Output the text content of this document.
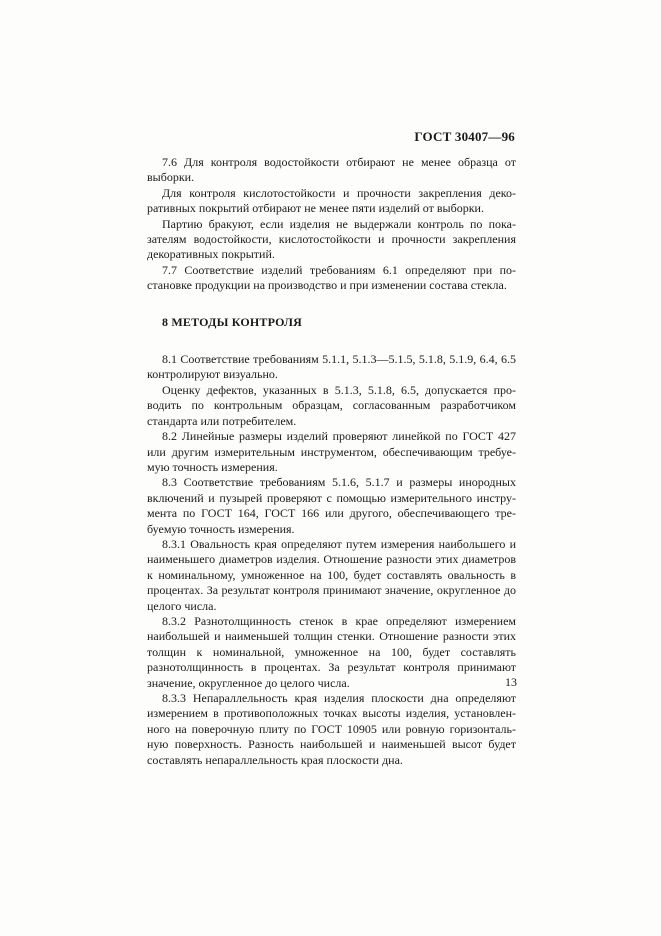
ГОСТ 30407—96

7.6 Для контроля водостойкости отбирают не менее образца от выборки.

Для контроля кислотостойкости и прочности закрепления декоративных покрытий отбирают не менее пяти изделий от выборки.

Партию бракуют, если изделия не выдержали контроль по показателям водостойкости, кислотостойкости и прочности закрепления декоративных покрытий.

7.7 Соответствие изделий требованиям 6.1 определяют при постановке продукции на производство и при изменении состава стекла.

8 МЕТОДЫ КОНТРОЛЯ

8.1 Соответствие требованиям 5.1.1, 5.1.3—5.1.5, 5.1.8, 5.1.9, 6.4, 6.5 контролируют визуально.

Оценку дефектов, указанных в 5.1.3, 5.1.8, 6.5, допускается проводить по контрольным образцам, согласованным разработчиком стандарта или потребителем.

8.2 Линейные размеры изделий проверяют линейкой по ГОСТ 427 или другим измерительным инструментом, обеспечивающим требуемую точность измерения.

8.3 Соответствие требованиям 5.1.6, 5.1.7 и размеры инородных включений и пузырей проверяют с помощью измерительного инструмента по ГОСТ 164, ГОСТ 166 или другого, обеспечивающего требуемую точность измерения.

8.3.1 Овальность края определяют путем измерения наибольшего и наименьшего диаметров изделия. Отношение разности этих диаметров к номинальному, умноженное на 100, будет составлять овальность в процентах. За результат контроля принимают значение, округленное до целого числа.

8.3.2 Разнотолщинность стенок в крае определяют измерением наибольшей и наименьшей толщин стенки. Отношение разности этих толщин к номинальной, умноженное на 100, будет составлять разнотолщинность в процентах. За результат контроля принимают значение, округленное до целого числа.

8.3.3 Непараллельность края изделия плоскости дна определяют измерением в противоположных точках высоты изделия, установленного на поверочную плиту по ГОСТ 10905 или ровную горизонтальную поверхность. Разность наибольшей и наименьшей высот будет составлять непараллельность края плоскости дна.

13
